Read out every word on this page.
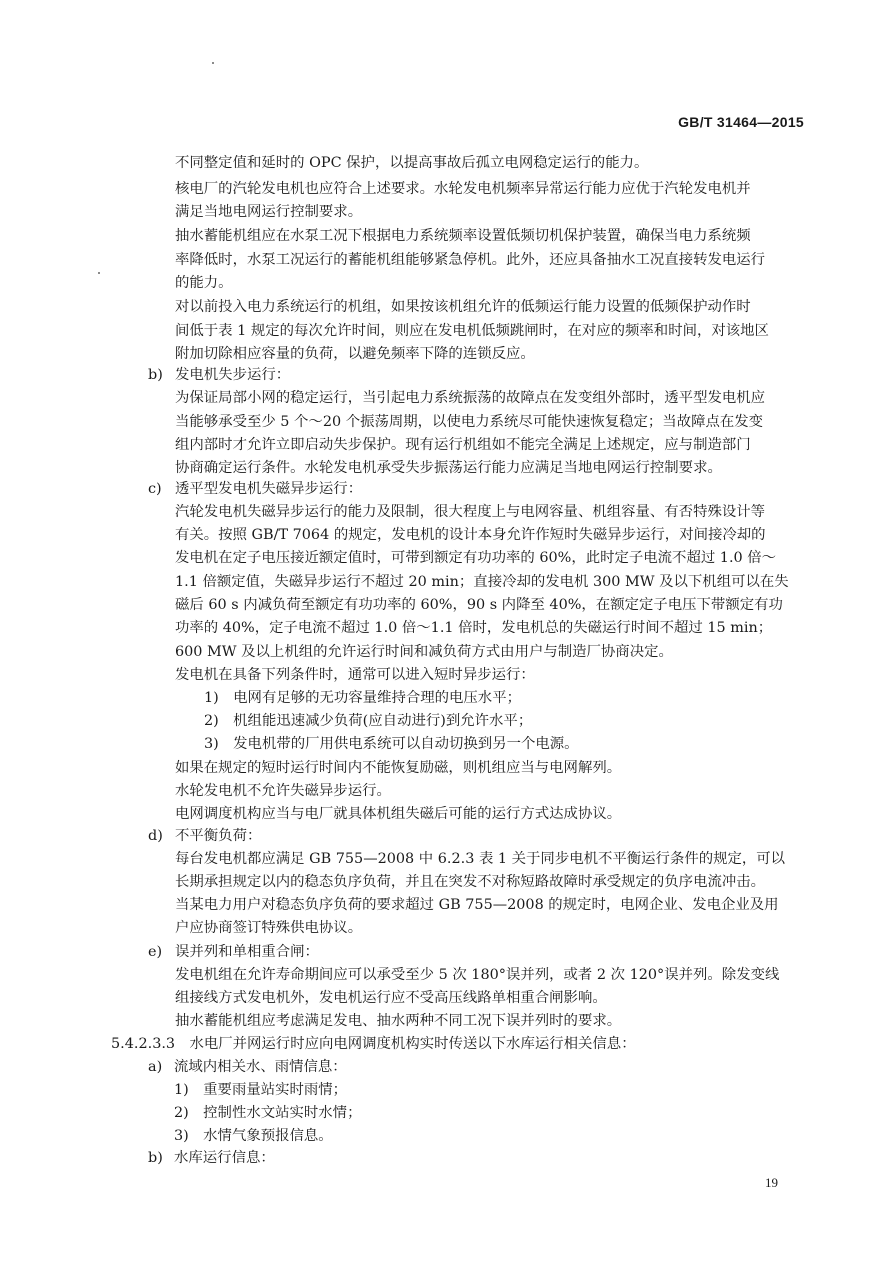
GB/T 31464—2015
不同整定值和延时的 OPC 保护，以提高事故后孤立电网稳定运行的能力。
核电厂的汽轮发电机也应符合上述要求。水轮发电机频率异常运行能力应优于汽轮发电机并
满足当地电网运行控制要求。
抽水蓄能机组应在水泵工况下根据电力系统频率设置低频切机保护装置，确保当电力系统频
率降低时，水泵工况运行的蓄能机组能够紧急停机。此外，还应具备抽水工况直接转发电运行
的能力。
对以前投入电力系统运行的机组，如果按该机组允许的低频运行能力设置的低频保护动作时
间低于表 1 规定的每次允许时间，则应在发电机低频跳闸时，在对应的频率和时间，对该地区
附加切除相应容量的负荷，以避免频率下降的连锁反应。
b) 发电机失步运行：
为保证局部小网的稳定运行，当引起电力系统振荡的故障点在发变组外部时，透平型发电机应
当能够承受至少 5 个～20 个振荡周期，以使电力系统尽可能快速恢复稳定；当故障点在发变
组内部时才允许立即启动失步保护。现有运行机组如不能完全满足上述规定，应与制造部门
协商确定运行条件。水轮发电机承受失步振荡运行能力应满足当地电网运行控制要求。
c) 透平型发电机失磁异步运行：
汽轮发电机失磁异步运行的能力及限制，很大程度上与电网容量、机组容量、有否特殊设计等
有关。按照 GB/T 7064 的规定，发电机的设计本身允许作短时失磁异步运行，对间接冷却的
发电机在定子电压接近额定值时，可带到额定有功功率的 60%，此时定子电流不超过 1.0 倍～
1.1 倍额定值，失磁异步运行不超过 20 min；直接冷却的发电机 300 MW 及以下机组可以在失
磁后 60 s 内减负荷至额定有功功率的 60%，90 s 内降至 40%，在额定定子电压下带额定有功
功率的 40%，定子电流不超过 1.0 倍～1.1 倍时，发电机总的失磁运行时间不超过 15 min；
600 MW 及以上机组的允许运行时间和减负荷方式由用户与制造厂协商决定。
发电机在具备下列条件时，通常可以进入短时异步运行：
1)　电网有足够的无功容量维持合理的电压水平；
2)　机组能迅速减少负荷(应自动进行)到允许水平；
3)　发电机带的厂用供电系统可以自动切换到另一个电源。
如果在规定的短时运行时间内不能恢复励磁，则机组应当与电网解列。
水轮发电机不允许失磁异步运行。
电网调度机构应当与电厂就具体机组失磁后可能的运行方式达成协议。
d) 不平衡负荷：
每台发电机都应满足 GB 755—2008 中 6.2.3 表 1 关于同步电机不平衡运行条件的规定，可以
长期承担规定以内的稳态负序负荷，并且在突发不对称短路故障时承受规定的负序电流冲击。
当某电力用户对稳态负序负荷的要求超过 GB 755—2008 的规定时，电网企业、发电企业及用
户应协商签订特殊供电协议。
e) 误并列和单相重合闸：
发电机组在允许寿命期间应可以承受至少 5 次 180°误并列，或者 2 次 120°误并列。除发变线
组接线方式发电机外，发电机运行应不受高压线路单相重合闸影响。
抽水蓄能机组应考虑满足发电、抽水两种不同工况下误并列时的要求。
5.4.2.3.3　水电厂并网运行时应向电网调度机构实时传送以下水库运行相关信息：
a) 流域内相关水、雨情信息：
1)　重要雨量站实时雨情；
2)　控制性水文站实时水情；
3)　水情气象预报信息。
b) 水库运行信息：
19
